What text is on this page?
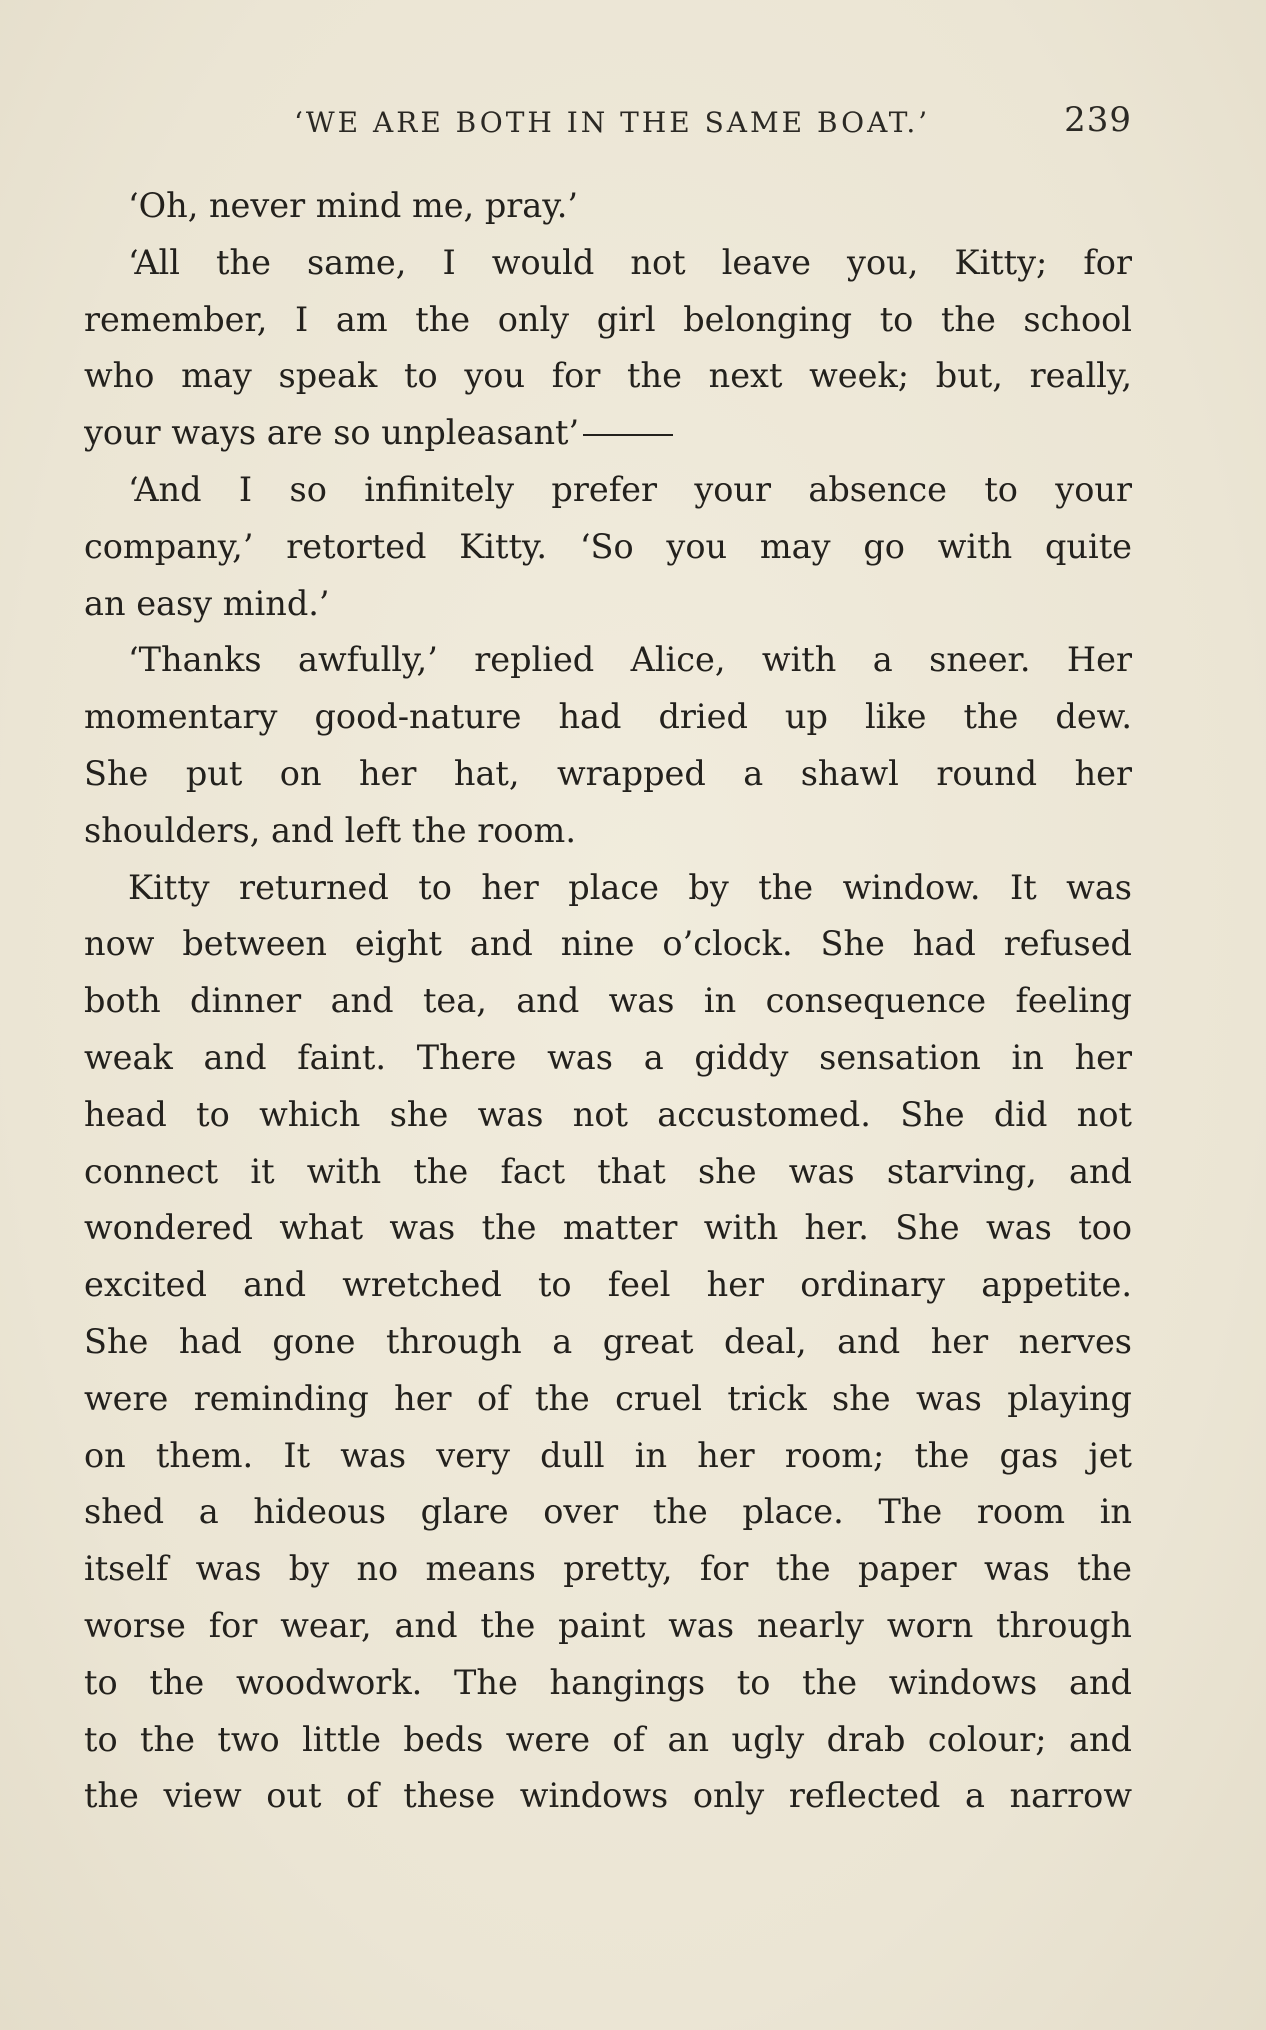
‘WE ARE BOTH IN THE SAME BOAT.’	239
‘Oh, never mind me, pray.’
‘All the same, I would not leave you, Kitty; for
remember, I am the only girl belonging to the school
who may speak to you for the next week; but, really,
your ways are so unpleasant’
‘And I so infinitely prefer your absence to your
company,’ retorted Kitty. ‘So you may go with quite
an easy mind.’
‘Thanks awfully,’ replied Alice, with a sneer. Her
momentary good-nature had dried up like the dew.
She put on her hat, wrapped a shawl round her
shoulders, and left the room.
Kitty returned to her place by the window. It was
now between eight and nine o’clock. She had refused
both dinner and tea, and was in consequence feeling
weak and faint. There was a giddy sensation in her
head to which she was not accustomed. She did not
connect it with the fact that she was starving, and
wondered what was the matter with her. She was too
excited and wretched to feel her ordinary appetite.
She had gone through a great deal, and her nerves
were reminding her of the cruel trick she was playing
on them. It was very dull in her room; the gas jet
shed a hideous glare over the place. The room in
itself was by no means pretty, for the paper was the
worse for wear, and the paint was nearly worn through
to the woodwork. The hangings to the windows and
to the two little beds were of an ugly drab colour; and
the view out of these windows only reflected a narrow
